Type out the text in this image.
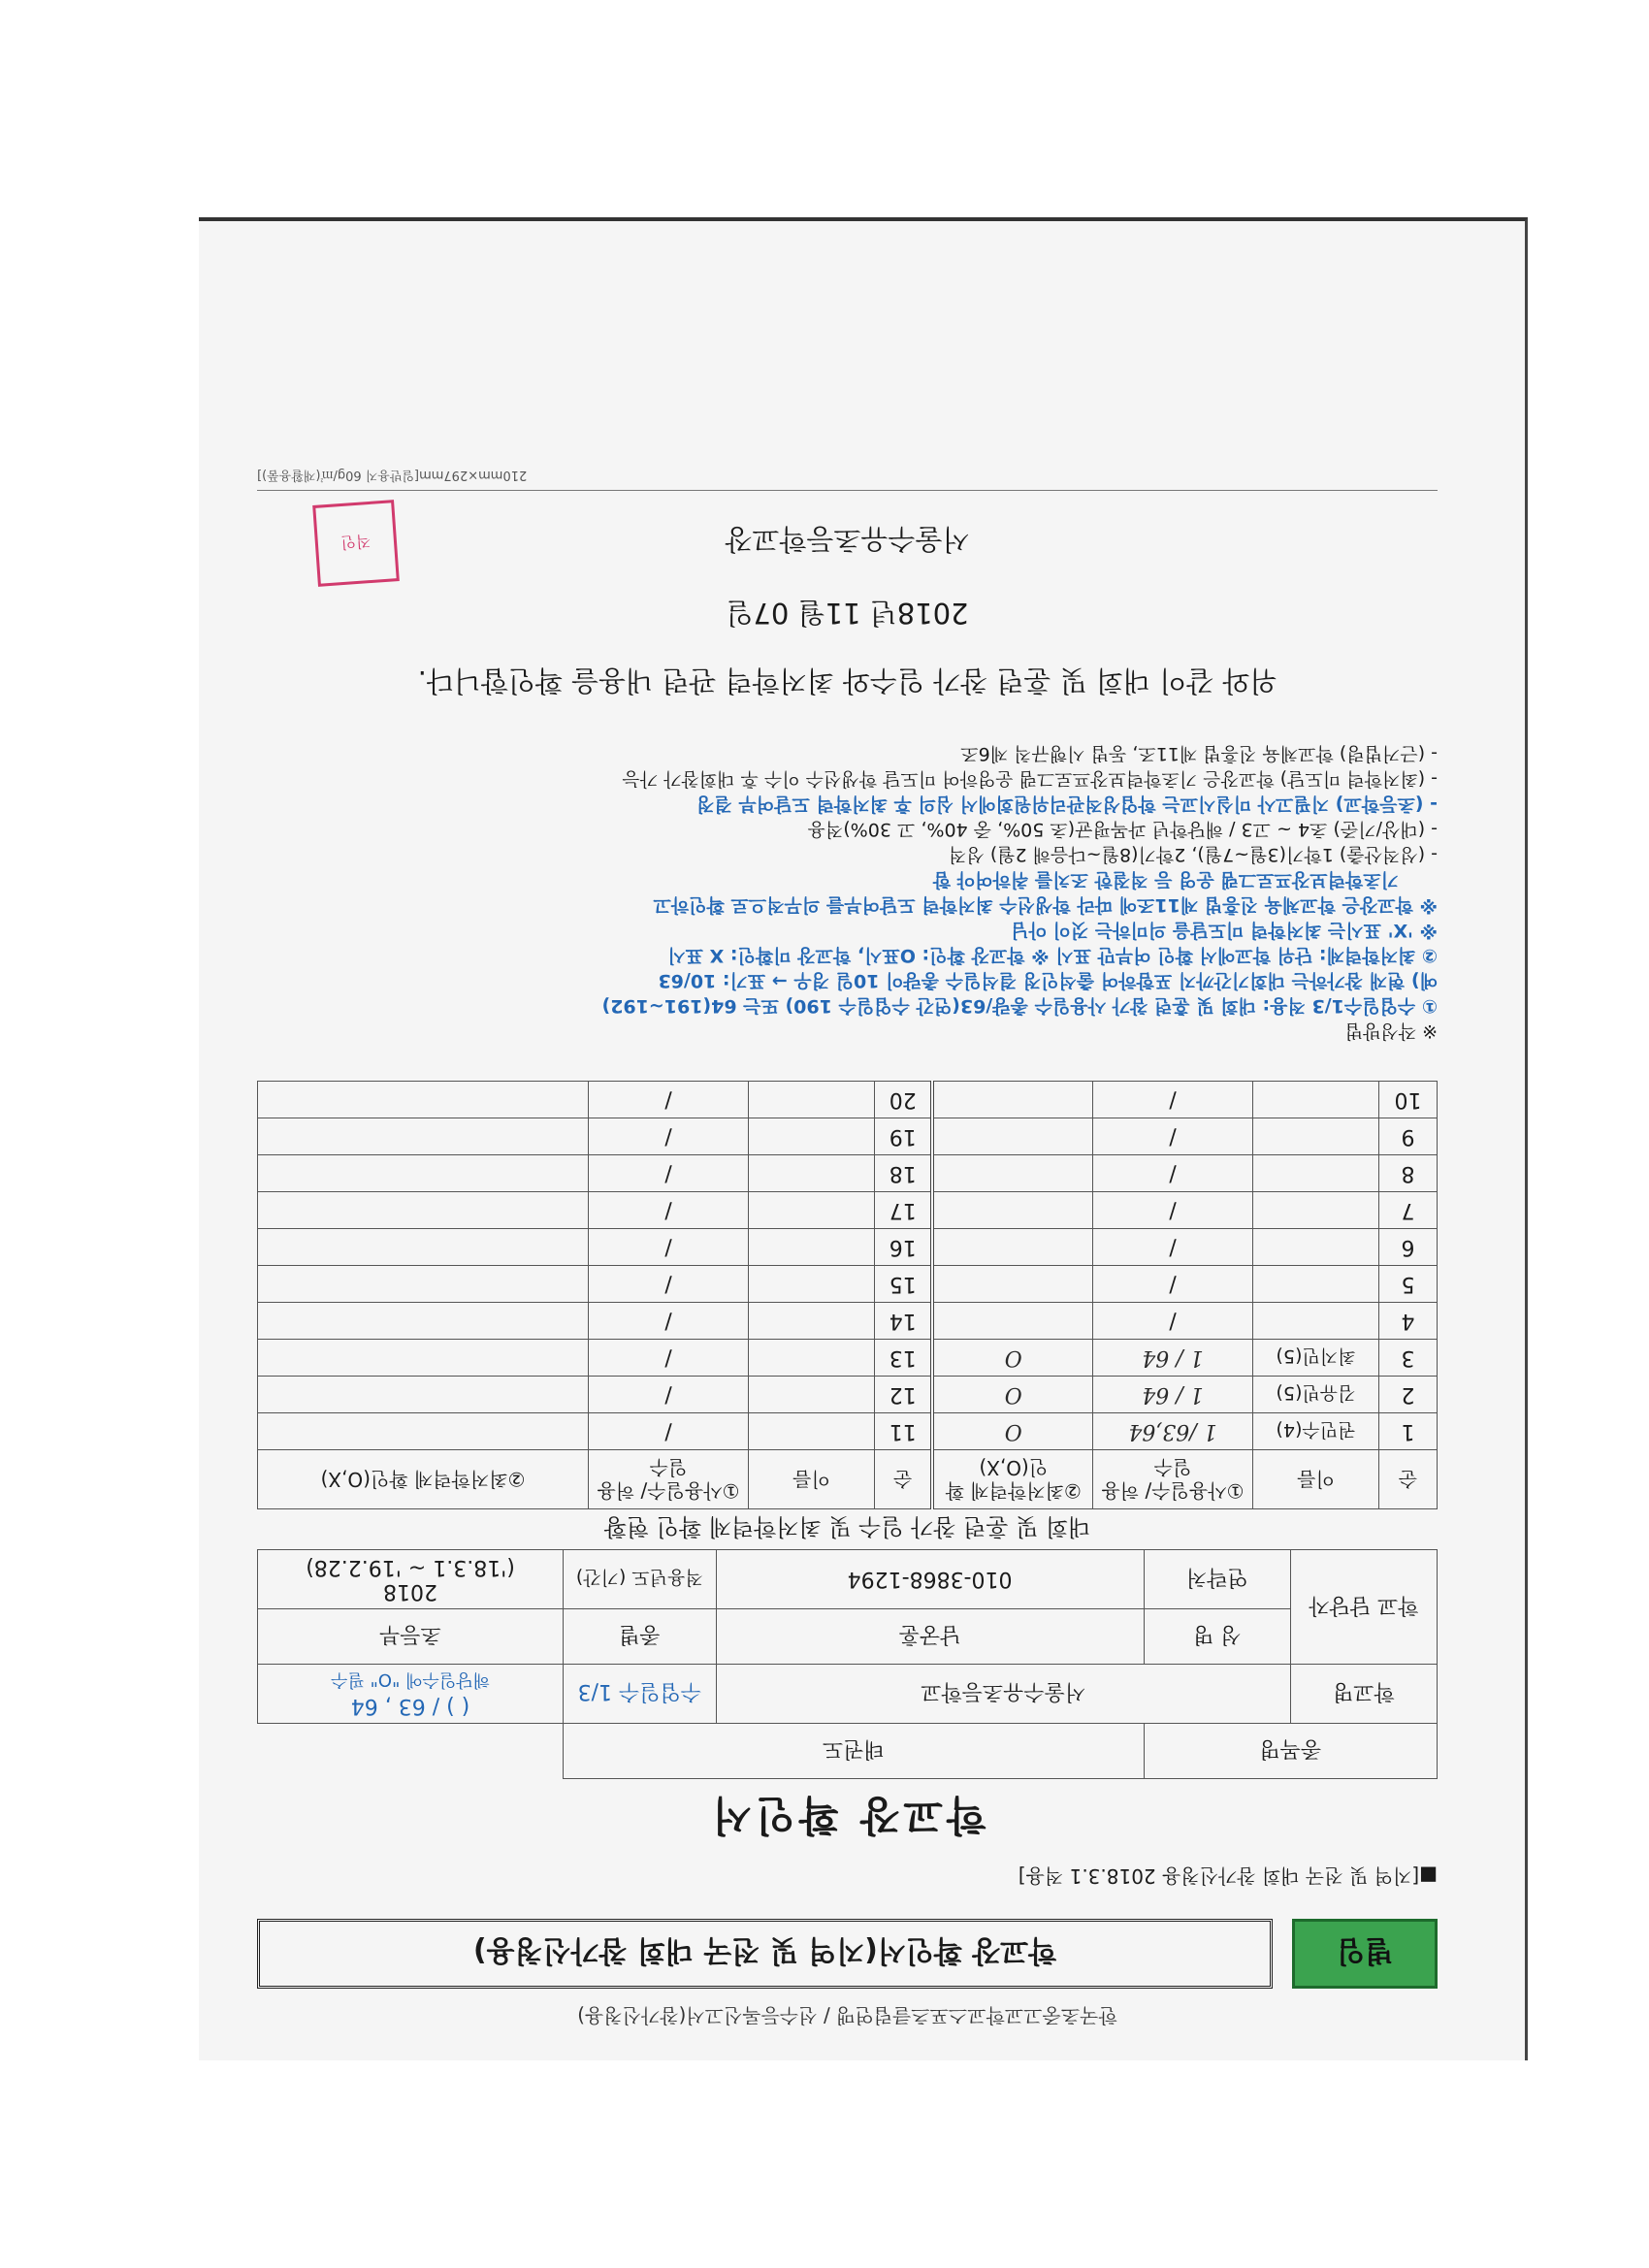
한국초중고교학교스포츠클럽연맹 / 선수등록신고서(참가신청용)
별임
학교장 확인서(지역 및 전국 대회 참가신청용)
■[지역 및 전국 대회 참가신청용 2018.3.1 적용]
학교장 확인서
종목명		태권도		
학교명	서울수유초등학교		수업일수 1/3	( ) / 63 , 64
해당일수에 "O" 필수

학교 담당자	성 명	남궁훈	종별	초등부
	연락처	010-3868-1294	적용년도 (기간)	2018
('18.3.1 ~ '19.2.28)
대회 및 훈련 참가 일수 및 최저학력제 확인 현황
순	이름	①사용일수/ 허용일수	②최저학력제 확인(O,X)	순	이름	①사용일수/ 허용일수	②최저학력제 확인(O,X)
1	권민수(4)	1 /63,64	O	11		/	
2	김유빈(5)	1 / 64	O	12		/	
3	최지민(5)	1 / 64	O	13		/	
4		/		14		/	
5		/		15		/	
6		/		16		/	
7		/		17		/	
8		/		18		/	
9		/		19		/	
10		/		20		/	
※ 작성방법
① 수업일수1/3 적용: 대회 및 훈련 참가 사용일수 총량/63(연간 수업일수 190) 또는 64(191~192)
예) 현재 참가하는 대회기간까지 포함하여 출석인정 결석일수 총량이 10일 경우 → 표기: 10/63
② 최저학력제: 단위 학교에서 확인 여부만 표시 ※ 학교장 확인: O표시, 학교장 미확인: X 표시
※ 'X' 표시는 최저학력 미도달을 의미하는 것이 아님
※ 학교장은 학교체육 진흥법 제11조에 따라 학생선수 최저학력 도달여부를 의무적으로 확인하고
기초학력보장프로그램 운영 등 적절한 조치를 취하여야 함
- (성적산출) 1학기(3월~7월), 2학기(8월~다음해 2월) 성적
- (대상/기준) 초4 ~ 고3 / 해당학년 과목평균(초 50%, 중 40%, 고 30%)적용
- (초등학교) 지필고사 미실시교는 학업성적관리위원회에서 심의 후 최저학력 도달여부 결정
- (최저학력 미도달) 학교장은 기초학력보장프로그램 운영하여 미도달 학생선수 이수 후 대회참가 가능
- (근거법령) 학교체육 진흥법 제11조, 동법 시행규칙 제6조
위와 같이 대회 및 훈련 참가 일수와 최저학력 관련 내용을 확인합니다.
2018년 11월 07일
서울수유초등학교장
직인
210mm×297mm[일반용지 60g/㎡(재활용품)]
